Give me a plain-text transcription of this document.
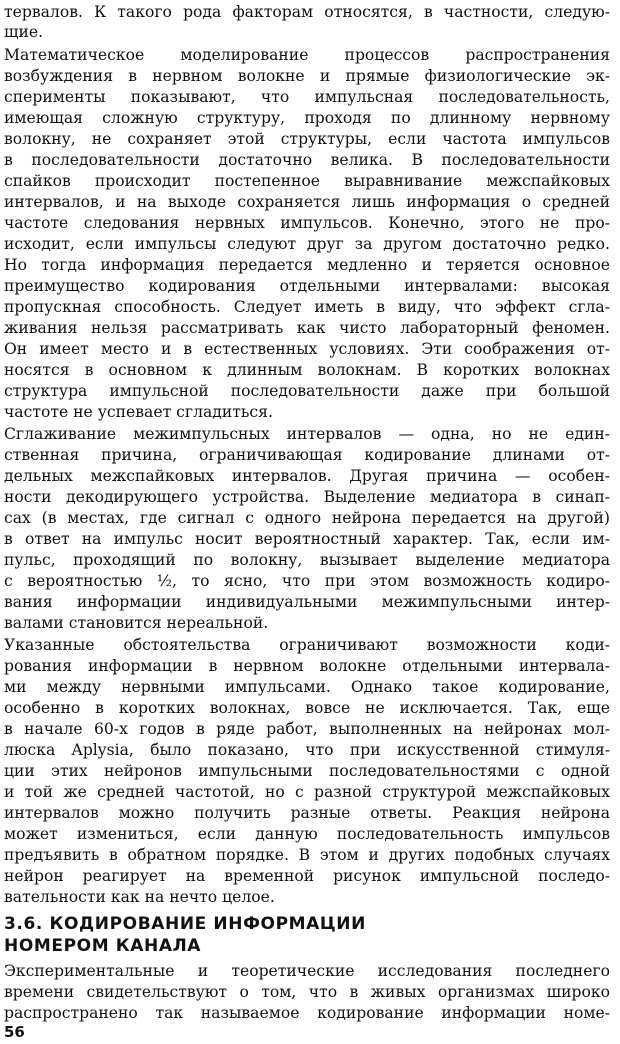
тервалов. К такого рода факторам относятся, в частности, следую-
щие.
Математическое моделирование процессов распространения
возбуждения в нервном волокне и прямые физиологические эк-
сперименты показывают, что импульсная последовательность,
имеющая сложную структуру, проходя по длинному нервному
волокну, не сохраняет этой структуры, если частота импульсов
в последовательности достаточно велика. В последовательности
спайков происходит постепенное выравнивание межспайковых
интервалов, и на выходе сохраняется лишь информация о средней
частоте следования нервных импульсов. Конечно, этого не про-
исходит, если импульсы следуют друг за другом достаточно редко.
Но тогда информация передается медленно и теряется основное
преимущество кодирования отдельными интервалами: высокая
пропускная способность. Следует иметь в виду, что эффект сгла-
живания нельзя рассматривать как чисто лабораторный феномен.
Он имеет место и в естественных условиях. Эти соображения от-
носятся в основном к длинным волокнам. В коротких волокнах
структура импульсной последовательности даже при большой
частоте не успевает сгладиться.
Сглаживание межимпульсных интервалов — одна, но не един-
ственная причина, ограничивающая кодирование длинами от-
дельных межспайковых интервалов. Другая причина — особен-
ности декодирующего устройства. Выделение медиатора в синап-
сах (в местах, где сигнал с одного нейрона передается на другой)
в ответ на импульс носит вероятностный характер. Так, если им-
пульс, проходящий по волокну, вызывает выделение медиатора
с вероятностью ½, то ясно, что при этом возможность кодиро-
вания информации индивидуальными межимпульсными интер-
валами становится нереальной.
Указанные обстоятельства ограничивают возможности коди-
рования информации в нервном волокне отдельными интервала-
ми между нервными импульсами. Однако такое кодирование,
особенно в коротких волокнах, вовсе не исключается. Так, еще
в начале 60-х годов в ряде работ, выполненных на нейронах мол-
люска Aplysia, было показано, что при искусственной стимуля-
ции этих нейронов импульсными последовательностями с одной
и той же средней частотой, но с разной структурой межспайковых
интервалов можно получить разные ответы. Реакция нейрона
может измениться, если данную последовательность импульсов
предъявить в обратном порядке. В этом и других подобных случаях
нейрон реагирует на временной рисунок импульсной последо-
вательности как на нечто целое.
3.6. КОДИРОВАНИЕ ИНФОРМАЦИИ
НОМЕРОМ КАНАЛА
Экспериментальные и теоретические исследования последнего
времени свидетельствуют о том, что в живых организмах широко
распространено так называемое кодирование информации номе-
56
